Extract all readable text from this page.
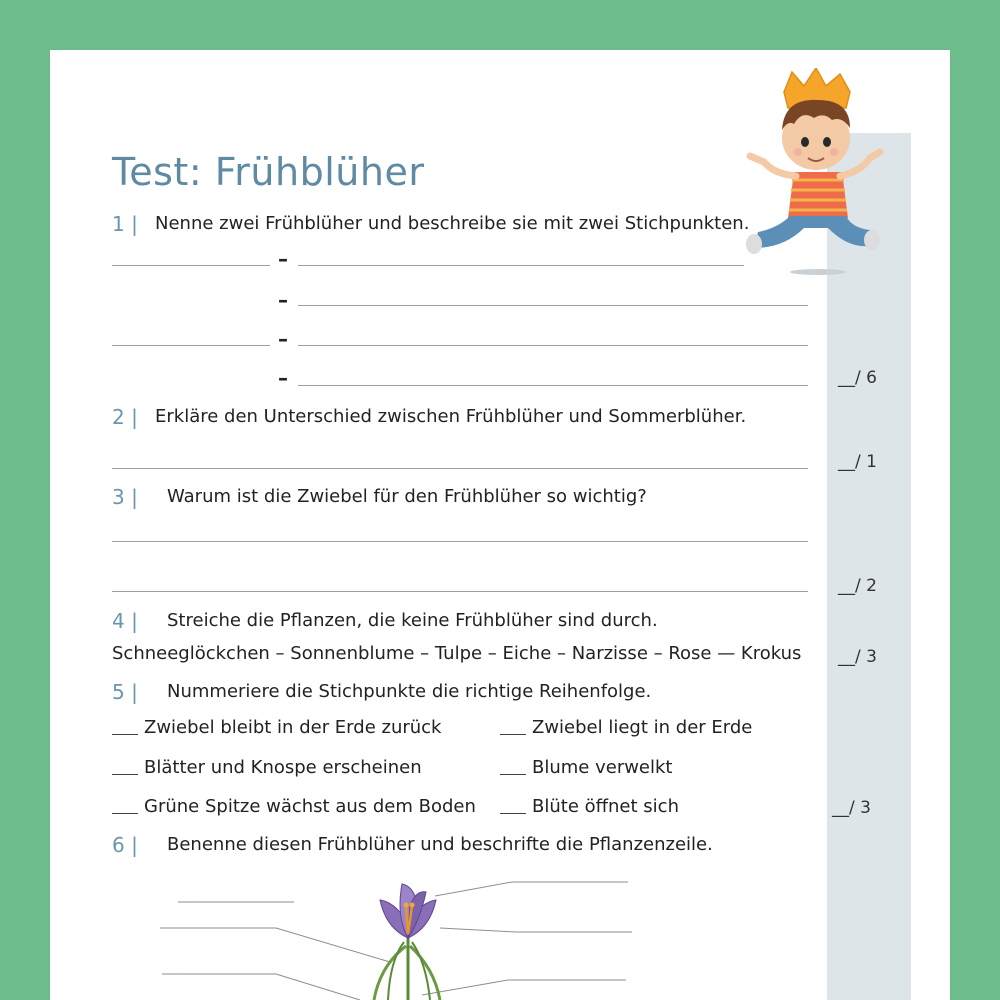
Test: Frühblüher
1 | Nenne zwei Frühblüher und beschreibe sie mit zwei Stichpunkten.
–
–
–
–	__/ 6
2 | Erkläre den Unterschied zwischen Frühblüher und Sommerblüher.
__/ 1
3 | Warum ist die Zwiebel für den Frühblüher so wichtig?
__/ 2
4 | Streiche die Pflanzen, die keine Frühblüher sind durch.
Schneeglöckchen – Sonnenblume – Tulpe – Eiche – Narzisse – Rose — Krokus __/ 3
5 | Nummeriere die Stichpunkte die richtige Reihenfolge.
Zwiebel bleibt in der Erde zurück	Zwiebel liegt in der Erde
Blätter und Knospe erscheinen	Blume verwelkt
Grüne Spitze wächst aus dem Boden	Blüte öffnet sich	__/ 3
6 | Benenne diesen Frühblüher und beschrifte die Pflanzenzeile.
